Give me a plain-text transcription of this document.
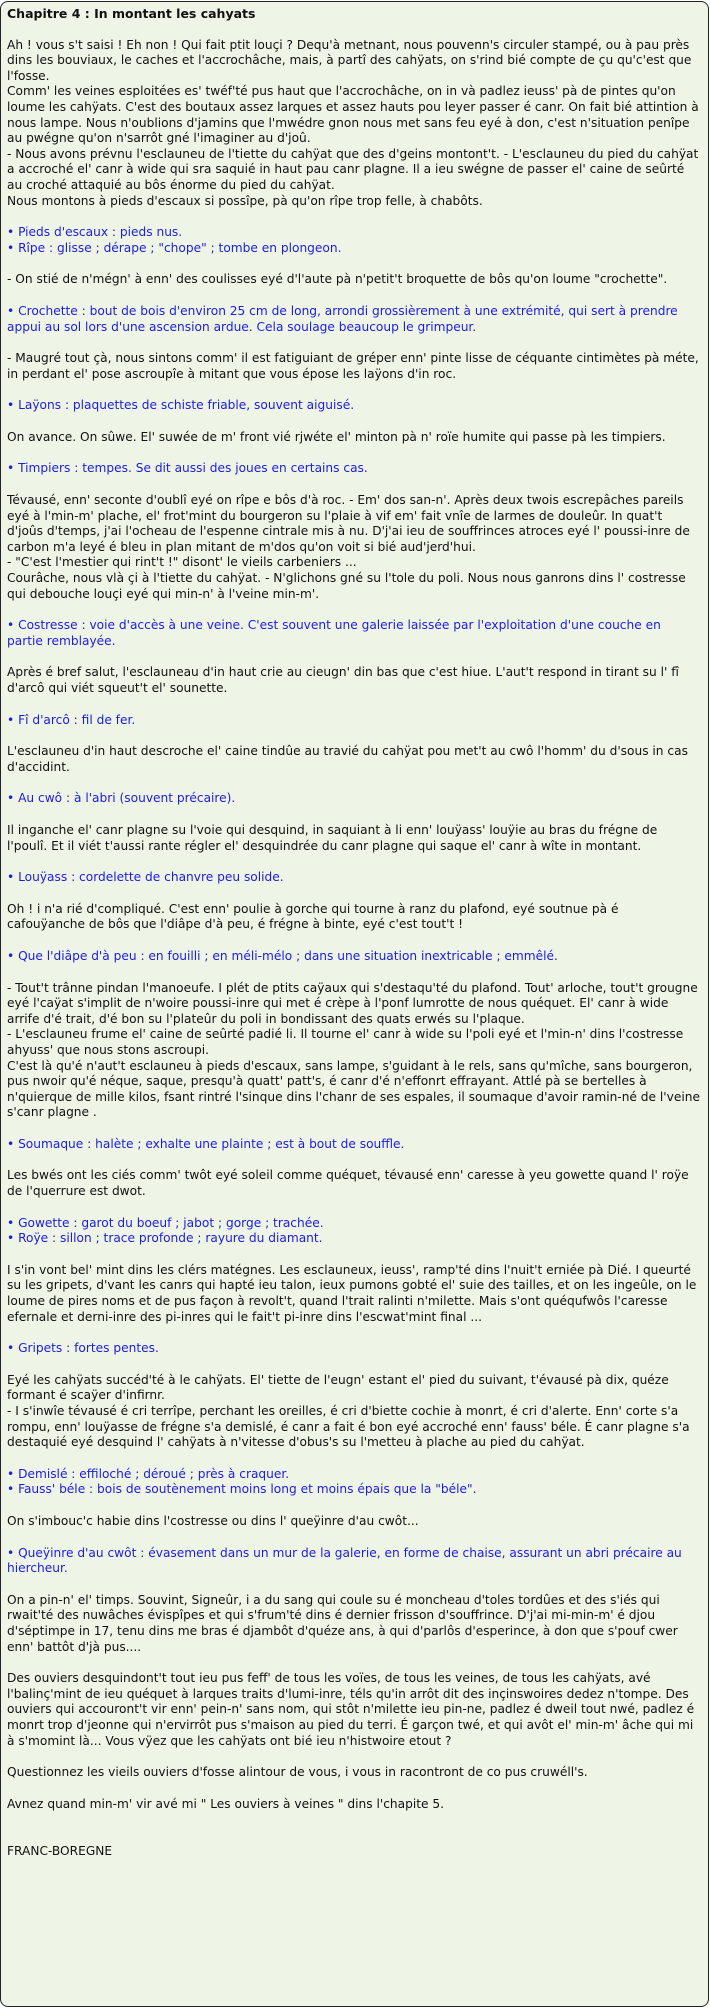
Chapitre 4 : In montant les cahyats
Ah ! vous s't saisi ! Eh non ! Qui fait ptit louçi ? Dequ'à metnant, nous pouvenn's circuler stampé, ou à pau près dins les bouviaux, le caches et l'accrochâche, mais, à partî des cahÿats, on s'rind bié compte de çu qu'c'est que l'fosse.
Comm' les veines esploitées es' twéf'té pus haut que l'accrochâche, on in và padlez ieuss' pà de pintes qu'on loume les cahÿats. C'est des boutaux assez larques et assez hauts pou leyer passer é canr. On fait bié attintion à nous lampe. Nous n'oublions d'jamins que l'mwédre gnon nous met sans feu eyé à don, c'est n'situation penîpe au pwégne qu'on n'sarrôt gné l'imaginer au d'joû.
- Nous avons prévnu l'esclauneu de l'tiette du cahÿat que des d'geins montont't. - L'esclauneu du pied du cahÿat a accroché el' canr à wide qui sra saquié in haut pau canr plagne. Il a ieu swégne de passer el' caine de seûrté au croché attaquié au bôs énorme du pied du cahÿat.
Nous montons à pieds d'escaux si possîpe, pà qu'on rîpe trop felle, à chabôts.
• Pieds d'escaux : pieds nus.
• Rîpe : glisse ; dérape ; "chope" ; tombe en plongeon.
- On stié de n'mégn' à enn' des coulisses eyé d'l'aute pà n'petit't broquette de bôs qu'on loume "crochette".
• Crochette : bout de bois d'environ 25 cm de long, arrondi grossièrement à une extrémité, qui sert à prendre appui au sol lors d'une ascension ardue. Cela soulage beaucoup le grimpeur.
- Maugré tout çà, nous sintons comm' il est fatiguiant de gréper enn' pinte lisse de céquante cintimètes pà méte, in perdant el' pose ascroupîe à mitant que vous épose les laÿons d'in roc.
• Laÿons : plaquettes de schiste friable, souvent aiguisé.
On avance. On sûwe. El' suwée de m' front vié rjwéte el' minton pà n' roïe humite qui passe pà les timpiers.
• Timpiers : tempes. Se dit aussi des joues en certains cas.
Tévausé, enn' seconte d'oublî eyé on rîpe e bôs d'à roc. - Em' dos san-n'. Après deux twois escrepâches pareils eyé à l'min-m' plache, el' frot'mint du bourgeron su l'plaie à vif em' fait vnîe de larmes de douleûr. In quat't d'joûs d'temps, j'ai l'ocheau de l'espenne cintrale mis à nu. D'j'ai ieu de souffrinces atroces eyé l' poussi-inre de carbon m'a leyé é bleu in plan mitant de m'dos qu'on voit si bié aud'jerd'hui.
- "C'est l'mestier qui rint't !" disont' le vieils carbeniers ...
Courâche, nous vlà çi à l'tiette du cahÿat. - N'glichons gné su l'tole du poli. Nous nous ganrons dins l' costresse qui debouche louçi eyé qui min-n' à l'veine min-m'.
• Costresse : voie d'accès à une veine. C'est souvent une galerie laissée par l'exploitation d'une couche en partie remblayée.
Après é bref salut, l'esclauneau d'in haut crie au cieugn' din bas que c'est hiue. L'aut't respond in tirant su l' fî d'arcô qui viét squeut't el' sounette.
• Fî d'arcô : fil de fer.
L'esclauneu d'in haut descroche el' caine tindûe au travié du cahÿat pou met't au cwô l'homm' du d'sous in cas d'accidint.
• Au cwô : à l'abri (souvent précaire).
Il inganche el' canr plagne su l'voie qui desquind, in saquiant à li enn' louÿass' louÿie au bras du frégne de l'poulî. Et il viét t'aussi rante régler el' desquindrée du canr plagne qui saque el' canr à wîte in montant.
• Louÿass : cordelette de chanvre peu solide.
Oh ! i n'a rié d'compliqué. C'est enn' poulie à gorche qui tourne à ranz du plafond, eyé soutnue pà é cafouÿanche de bôs que l'diâpe d'à peu, é frégne à binte, eyé c'est tout't !
• Que l'diâpe d'à peu : en fouilli ; en méli-mélo ; dans une situation inextricable ; emmêlé.
- Tout't trânne pindan l'manoeufe. I plét de ptits caÿaux qui s'destaqu'té du plafond. Tout' arloche, tout't grougne eyé l'caÿat s'implit de n'woire poussi-inre qui met é crèpe à l'ponf lumrotte de nous quéquet. El' canr à wide arrife d'é trait, d'é bon su l'plateûr du poli in bondissant des quats erwés su l'plaque.
- L'esclauneu frume el' caine de seûrté padié li. Il tourne el' canr à wide su l'poli eyé et l'min-n' dins l'costresse ahyuss' que nous stons ascroupi.
C'est là qu'é n'aut't esclauneu à pieds d'escaux, sans lampe, s'guidant à le rels, sans qu'mîche, sans bourgeron, pus nwoir qu'é néque, saque, presqu'à quatt' patt's, é canr d'é n'effonrt effrayant. Attlé pà se bertelles à n'quierque de mille kilos, fsant rintré l'sinque dins l'chanr de ses espales, il soumaque d'avoir ramin-né de l'veine s'canr plagne .
• Soumaque : halète ; exhalte une plainte ; est à bout de souffle.
Les bwés ont les ciés comm' twôt eyé soleil comme quéquet, tévausé enn' caresse à yeu gowette quand l' roÿe de l'querrure est dwot.
• Gowette : garot du boeuf ; jabot ; gorge ; trachée.
• Roÿe : sillon ; trace profonde ; rayure du diamant.
I s'in vont bel' mint dins les clérs matégnes. Les esclauneux, ieuss', ramp'té dins l'nuit't erniée pà Dié. I queurté su les gripets, d'vant les canrs qui hapté ieu talon, ieux pumons gobté el' suie des tailles, et on les ingeûle, on le loume de pires noms et de pus façon à revolt't, quand l'trait ralinti n'milette. Mais s'ont quéqufwôs l'caresse efernale et derni-inre des pi-inres qui le fait't pi-inre dins l'escwat'mint final ...
• Gripets : fortes pentes.
Eyé les cahÿats succéd'té à le cahÿats. El' tiette de l'eugn' estant el' pied du suivant, t'évausé pà dix, quéze formant é scaÿer d'infirnr.
- I s'inwîe tévausé é cri terrîpe, perchant les oreilles, é cri d'biette cochie à monrt, é cri d'alerte. Enn' corte s'a rompu, enn' louÿasse de frégne s'a demislé, é canr a fait é bon eyé accroché enn' fauss' béle. É canr plagne s'a destaquié eyé desquind l' cahÿats à n'vitesse d'obus's su l'metteu à plache au pied du cahÿat.
• Demislé : effiloché ; déroué ; près à craquer.
• Fauss' béle : bois de soutènement moins long et moins épais que la "béle".
On s'imbouc'c habie dins l'costresse ou dins l' queÿinre d'au cwôt...
• Queÿinre d'au cwôt : évasement dans un mur de la galerie, en forme de chaise, assurant un abri précaire au hiercheur.
On a pin-n' el' timps. Souvint, Signeûr, i a du sang qui coule su é moncheau d'toles tordûes et des s'iés qui rwait'té des nuwâches évispîpes et qui s'frum'té dins é dernier frisson d'souffrince. D'j'ai mi-min-m' é djou d'séptimpe in 17, tenu dins me bras é djambôt d'quéze ans, à qui d'parlôs d'esperince, à don que s'pouf cwer enn' battôt d'jà pus....
Des ouviers desquindont't tout ieu pus feff' de tous les voïes, de tous les veines, de tous les cahÿats, avé l'balinç'mint de ieu quéquet à larques traits d'lumi-inre, téls qu'in arrôt dit des inçinswoires dedez n'tompe. Des ouviers qui accouront't vir enn' pein-n' sans nom, qui stôt n'milette ieu pin-ne, padlez é dweil tout nwé, padlez é monrt trop d'jeonne qui n'ervirrôt pus s'maison au pied du terri. É garçon twé, et qui avôt el' min-m' âche qui mi à s'momint là... Vous vÿez que les cahÿats ont bié ieu n'histwoire etout ?
Questionnez les vieils ouviers d'fosse alintour de vous, i vous in racontront de co pus cruwéll's.
Avnez quand min-m' vir avé mi " Les ouviers à veines " dins l'chapite 5.
FRANC-BOREGNE
